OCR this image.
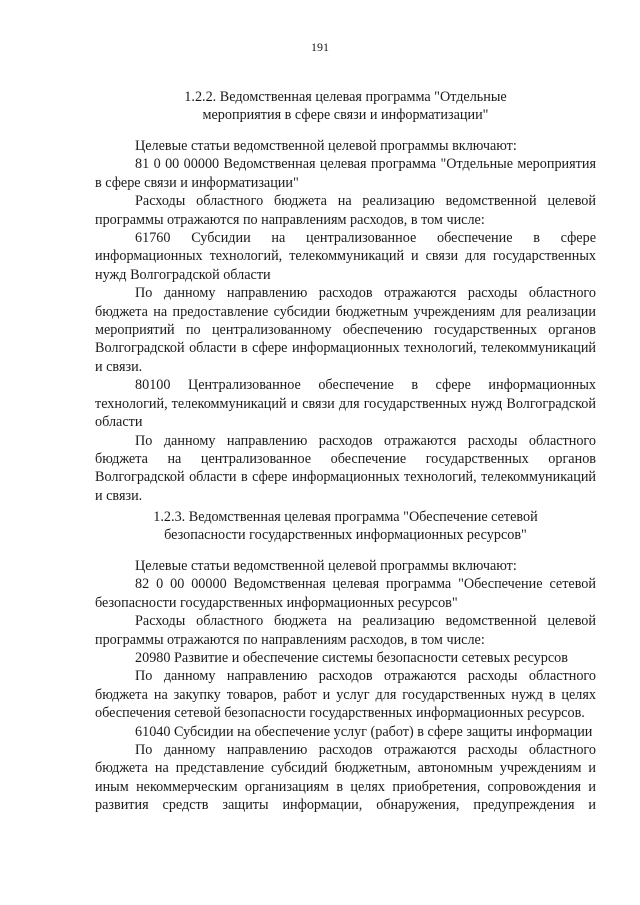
191

1.2.2. Ведомственная целевая программа "Отдельные

мероприятия в сфере связи и информатизации"

Целевые статьи ведомственной целевой программы включают:

81 0 00 00000 Ведомственная целевая программа "Отдельные мероприятия в сфере связи и информатизации"

Расходы областного бюджета на реализацию ведомственной целевой программы отражаются по направлениям расходов, в том числе:

61760 Субсидии на централизованное обеспечение в сфере информационных технологий, телекоммуникаций и связи для государственных нужд Волгоградской области

По данному направлению расходов отражаются расходы областного бюджета на предоставление субсидии бюджетным учреждениям для реализации мероприятий по централизованному обеспечению государственных органов Волгоградской области в сфере информационных технологий, телекоммуникаций и связи.

80100 Централизованное обеспечение в сфере информационных технологий, телекоммуникаций и связи для государственных нужд Волгоградской области

По данному направлению расходов отражаются расходы областного бюджета на централизованное обеспечение государственных органов Волгоградской области в сфере информационных технологий, телекоммуникаций и связи.

1.2.3. Ведомственная целевая программа "Обеспечение сетевой

безопасности государственных информационных ресурсов"

Целевые статьи ведомственной целевой программы включают:

82 0 00 00000 Ведомственная целевая программа "Обеспечение сетевой безопасности государственных информационных ресурсов"

Расходы областного бюджета на реализацию ведомственной целевой программы отражаются по направлениям расходов, в том числе:

20980 Развитие и обеспечение системы безопасности сетевых ресурсов

По данному направлению расходов отражаются расходы областного бюджета на закупку товаров, работ и услуг для государственных нужд в целях обеспечения сетевой безопасности государственных информационных ресурсов.

61040 Субсидии на обеспечение услуг (работ) в сфере защиты информации

По данному направлению расходов отражаются расходы областного бюджета на представление субсидий бюджетным, автономным учреждениям и иным некоммерческим организациям в целях приобретения, сопровождения и развития средств защиты информации, обнаружения, предупреждения и
